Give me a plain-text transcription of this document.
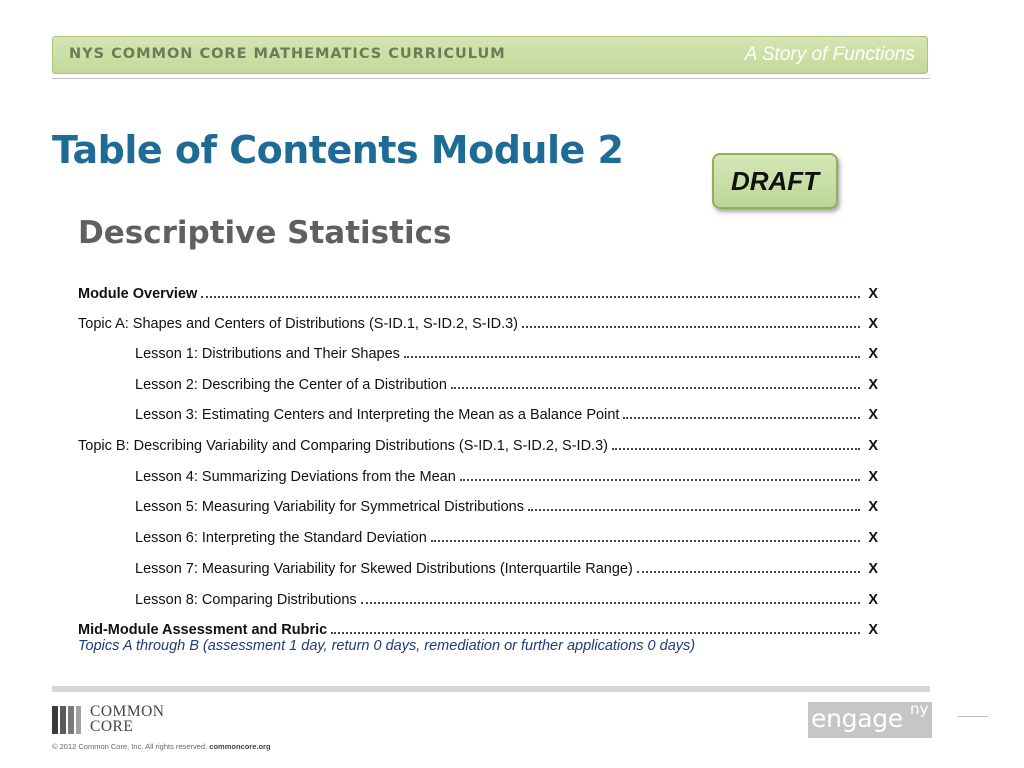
NYS COMMON CORE MATHEMATICS CURRICULUM	A Story of Functions
Table of Contents Module 2
DRAFT
Descriptive Statistics
Topics A through B (assessment 1 day, return 0 days, remediation or further applications 0 days)
Module Overview	X
Topic A: Shapes and Centers of Distributions (S-ID.1, S-ID.2, S-ID.3)	X
Lesson 1: Distributions and Their Shapes	X
Lesson 2: Describing the Center of a Distribution	X
Lesson 3: Estimating Centers and Interpreting the Mean as a Balance Point	X
Topic B: Describing Variability and Comparing Distributions (S-ID.1, S-ID.2, S-ID.3)	X
Lesson 4: Summarizing Deviations from the Mean	X
Lesson 5: Measuring Variability for Symmetrical Distributions	X
Lesson 6: Interpreting the Standard Deviation	X
Lesson 7: Measuring Variability for Skewed Distributions (Interquartile Range)	X
Lesson 8: Comparing Distributions	X
Mid-Module Assessment and Rubric	X
COMMON
CORE
© 2012 Common Core, Inc. All rights reserved. commoncore.org
engage ny
